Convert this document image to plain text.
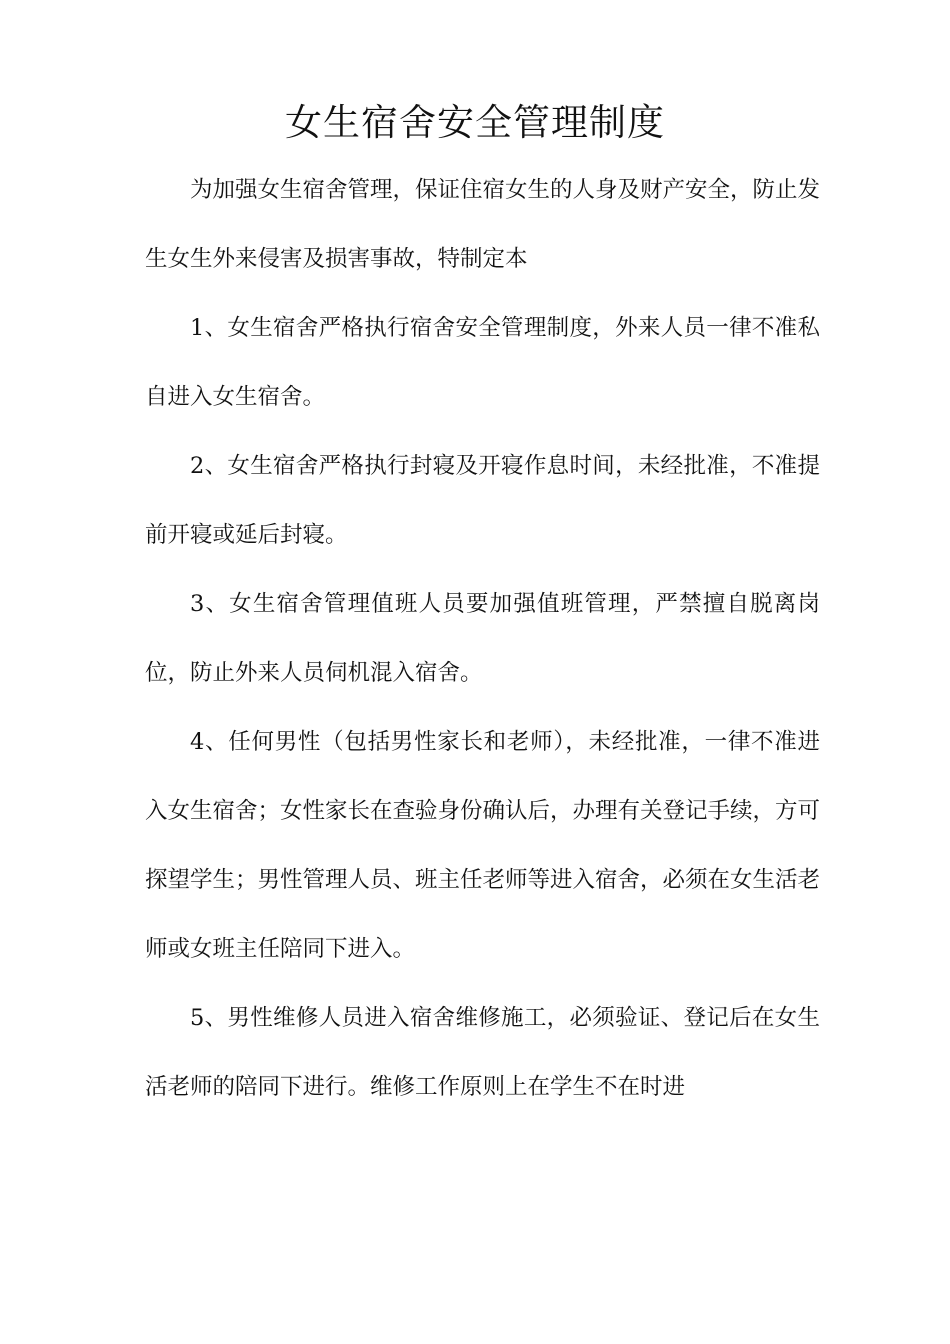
女生宿舍安全管理制度

为加强女生宿舍管理，保证住宿女生的人身及财产安全，防止发生女生外来侵害及损害事故，特制定本

1、女生宿舍严格执行宿舍安全管理制度，外来人员一律不准私自进入女生宿舍。

2、女生宿舍严格执行封寝及开寝作息时间，未经批准，不准提前开寝或延后封寝。

3、女生宿舍管理值班人员要加强值班管理，严禁擅自脱离岗位，防止外来人员伺机混入宿舍。

4、任何男性（包括男性家长和老师），未经批准，一律不准进入女生宿舍；女性家长在查验身份确认后，办理有关登记手续，方可探望学生；男性管理人员、班主任老师等进入宿舍，必须在女生活老师或女班主任陪同下进入。

5、男性维修人员进入宿舍维修施工，必须验证、登记后在女生活老师的陪同下进行。维修工作原则上在学生不在时进
